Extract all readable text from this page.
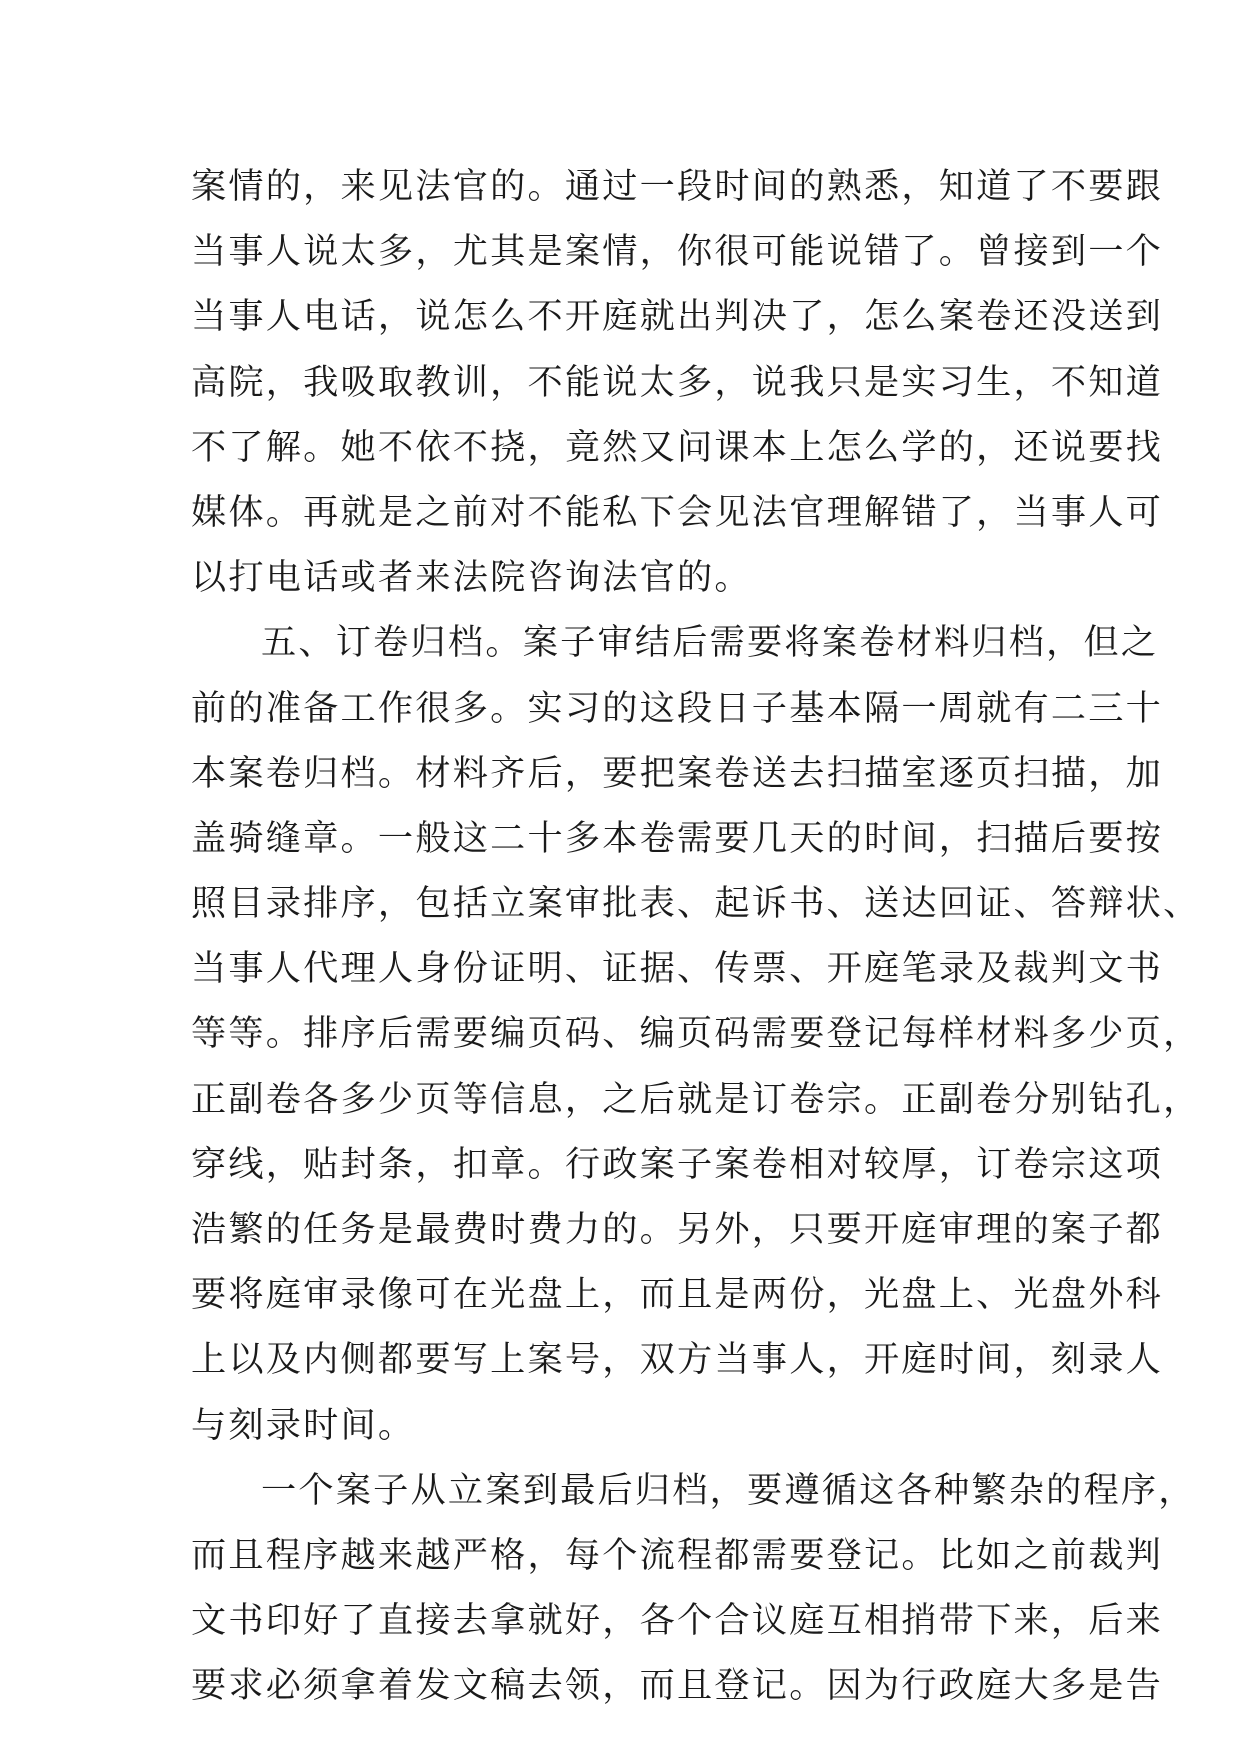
案情的，来见法官的。通过一段时间的熟悉，知道了不要跟
当事人说太多，尤其是案情，你很可能说错了。曾接到一个
当事人电话，说怎么不开庭就出判决了，怎么案卷还没送到
高院，我吸取教训，不能说太多，说我只是实习生，不知道
不了解。她不依不挠，竟然又问课本上怎么学的，还说要找
媒体。再就是之前对不能私下会见法官理解错了，当事人可
以打电话或者来法院咨询法官的。
五、订卷归档。案子审结后需要将案卷材料归档，但之
前的准备工作很多。实习的这段日子基本隔一周就有二三十
本案卷归档。材料齐后，要把案卷送去扫描室逐页扫描，加
盖骑缝章。一般这二十多本卷需要几天的时间，扫描后要按
照目录排序，包括立案审批表、起诉书、送达回证、答辩状、
当事人代理人身份证明、证据、传票、开庭笔录及裁判文书
等等。排序后需要编页码、编页码需要登记每样材料多少页，
正副卷各多少页等信息，之后就是订卷宗。正副卷分别钻孔，
穿线，贴封条，扣章。行政案子案卷相对较厚，订卷宗这项
浩繁的任务是最费时费力的。另外，只要开庭审理的案子都
要将庭审录像可在光盘上，而且是两份，光盘上、光盘外科
上以及内侧都要写上案号，双方当事人，开庭时间，刻录人
与刻录时间。
一个案子从立案到最后归档，要遵循这各种繁杂的程序，
而且程序越来越严格，每个流程都需要登记。比如之前裁判
文书印好了直接去拿就好，各个合议庭互相捎带下来，后来
要求必须拿着发文稿去领，而且登记。因为行政庭大多是告
